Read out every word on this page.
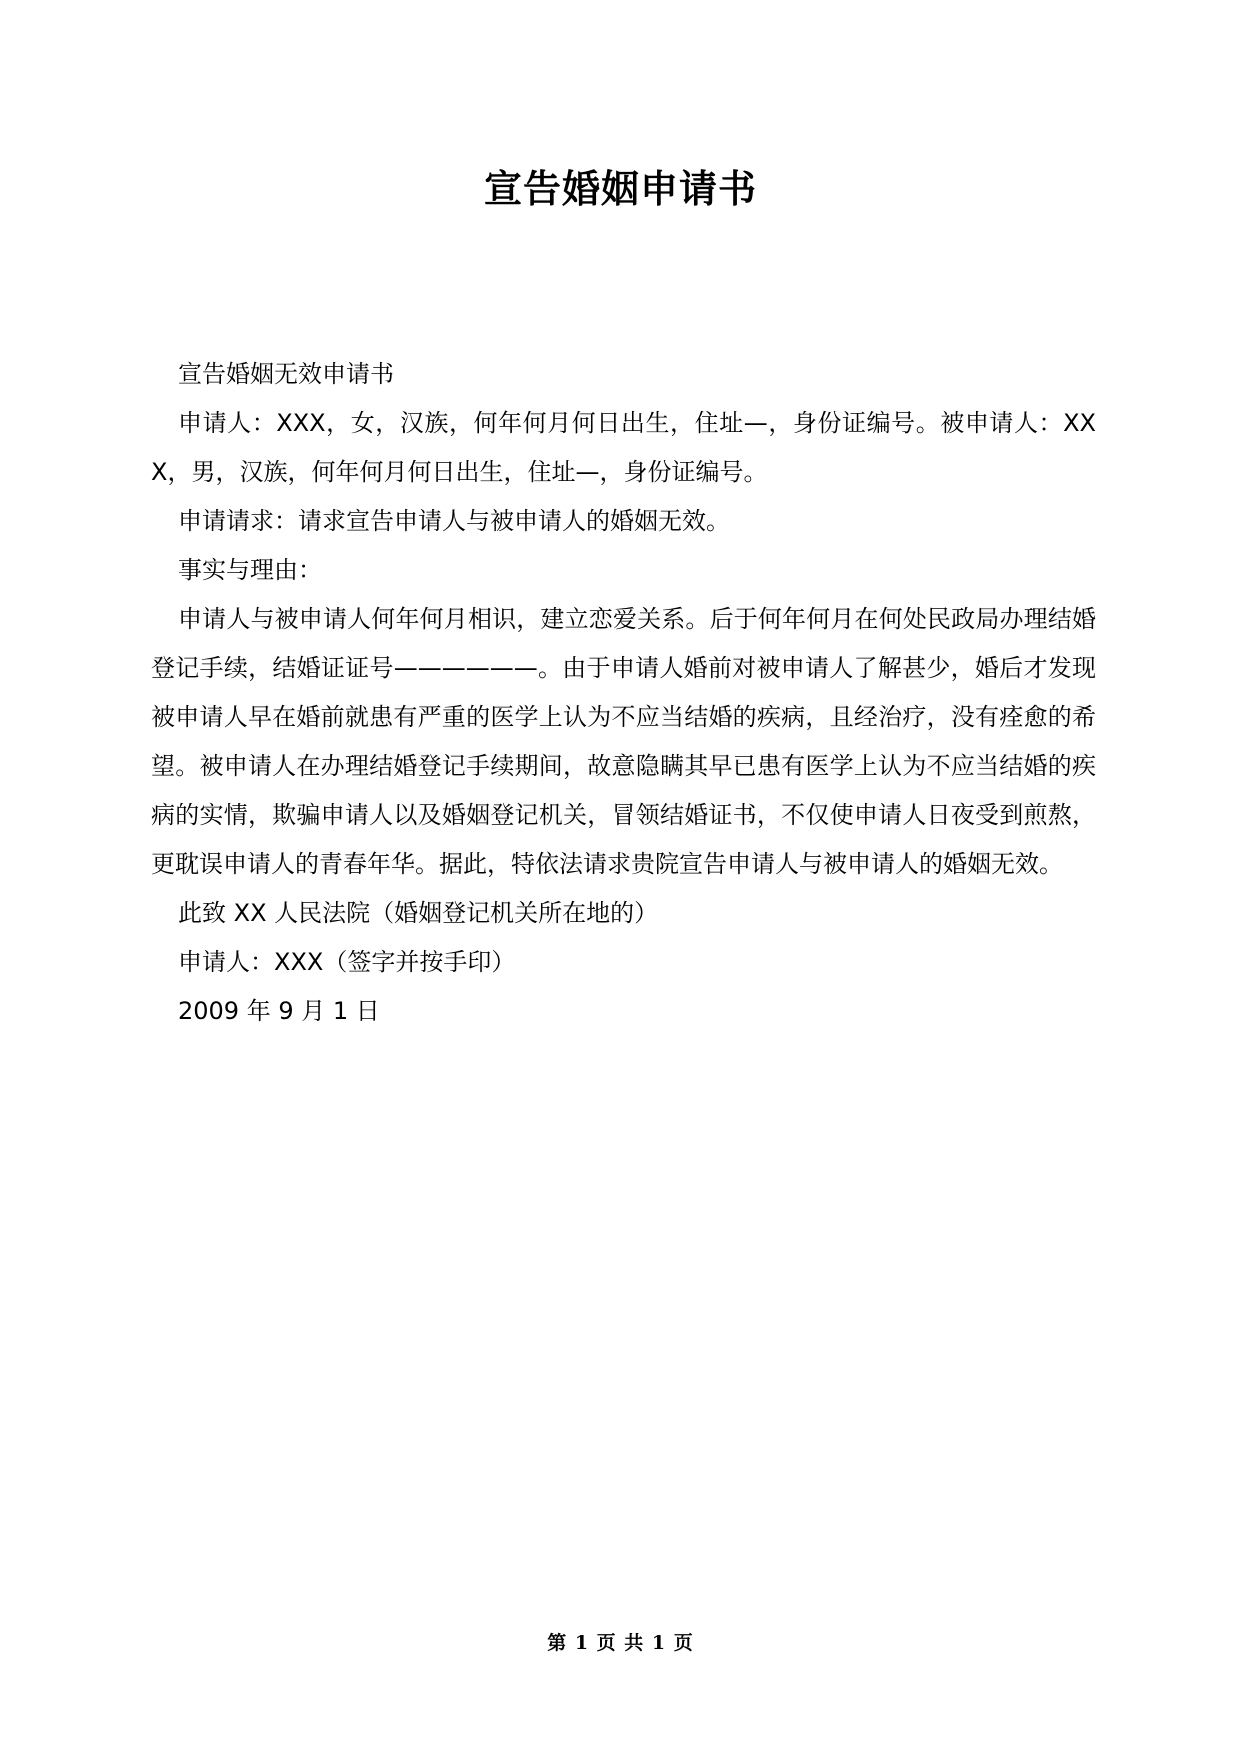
宣告婚姻申请书

宣告婚姻无效申请书

申请人：XXX，女，汉族，何年何月何日出生，住址—，身份证编号。被申请人：XXX，男，汉族，何年何月何日出生，住址—，身份证编号。

申请请求：请求宣告申请人与被申请人的婚姻无效。

事实与理由：

申请人与被申请人何年何月相识，建立恋爱关系。后于何年何月在何处民政局办理结婚登记手续，结婚证证号——————。由于申请人婚前对被申请人了解甚少，婚后才发现被申请人早在婚前就患有严重的医学上认为不应当结婚的疾病，且经治疗，没有痊愈的希望。被申请人在办理结婚登记手续期间，故意隐瞒其早已患有医学上认为不应当结婚的疾病的实情，欺骗申请人以及婚姻登记机关，冒领结婚证书，不仅使申请人日夜受到煎熬，更耽误申请人的青春年华。据此，特依法请求贵院宣告申请人与被申请人的婚姻无效。

此致 XX 人民法院（婚姻登记机关所在地的）

申请人：XXX（签字并按手印）

2009 年 9 月 1 日

第 1 页 共 1 页
